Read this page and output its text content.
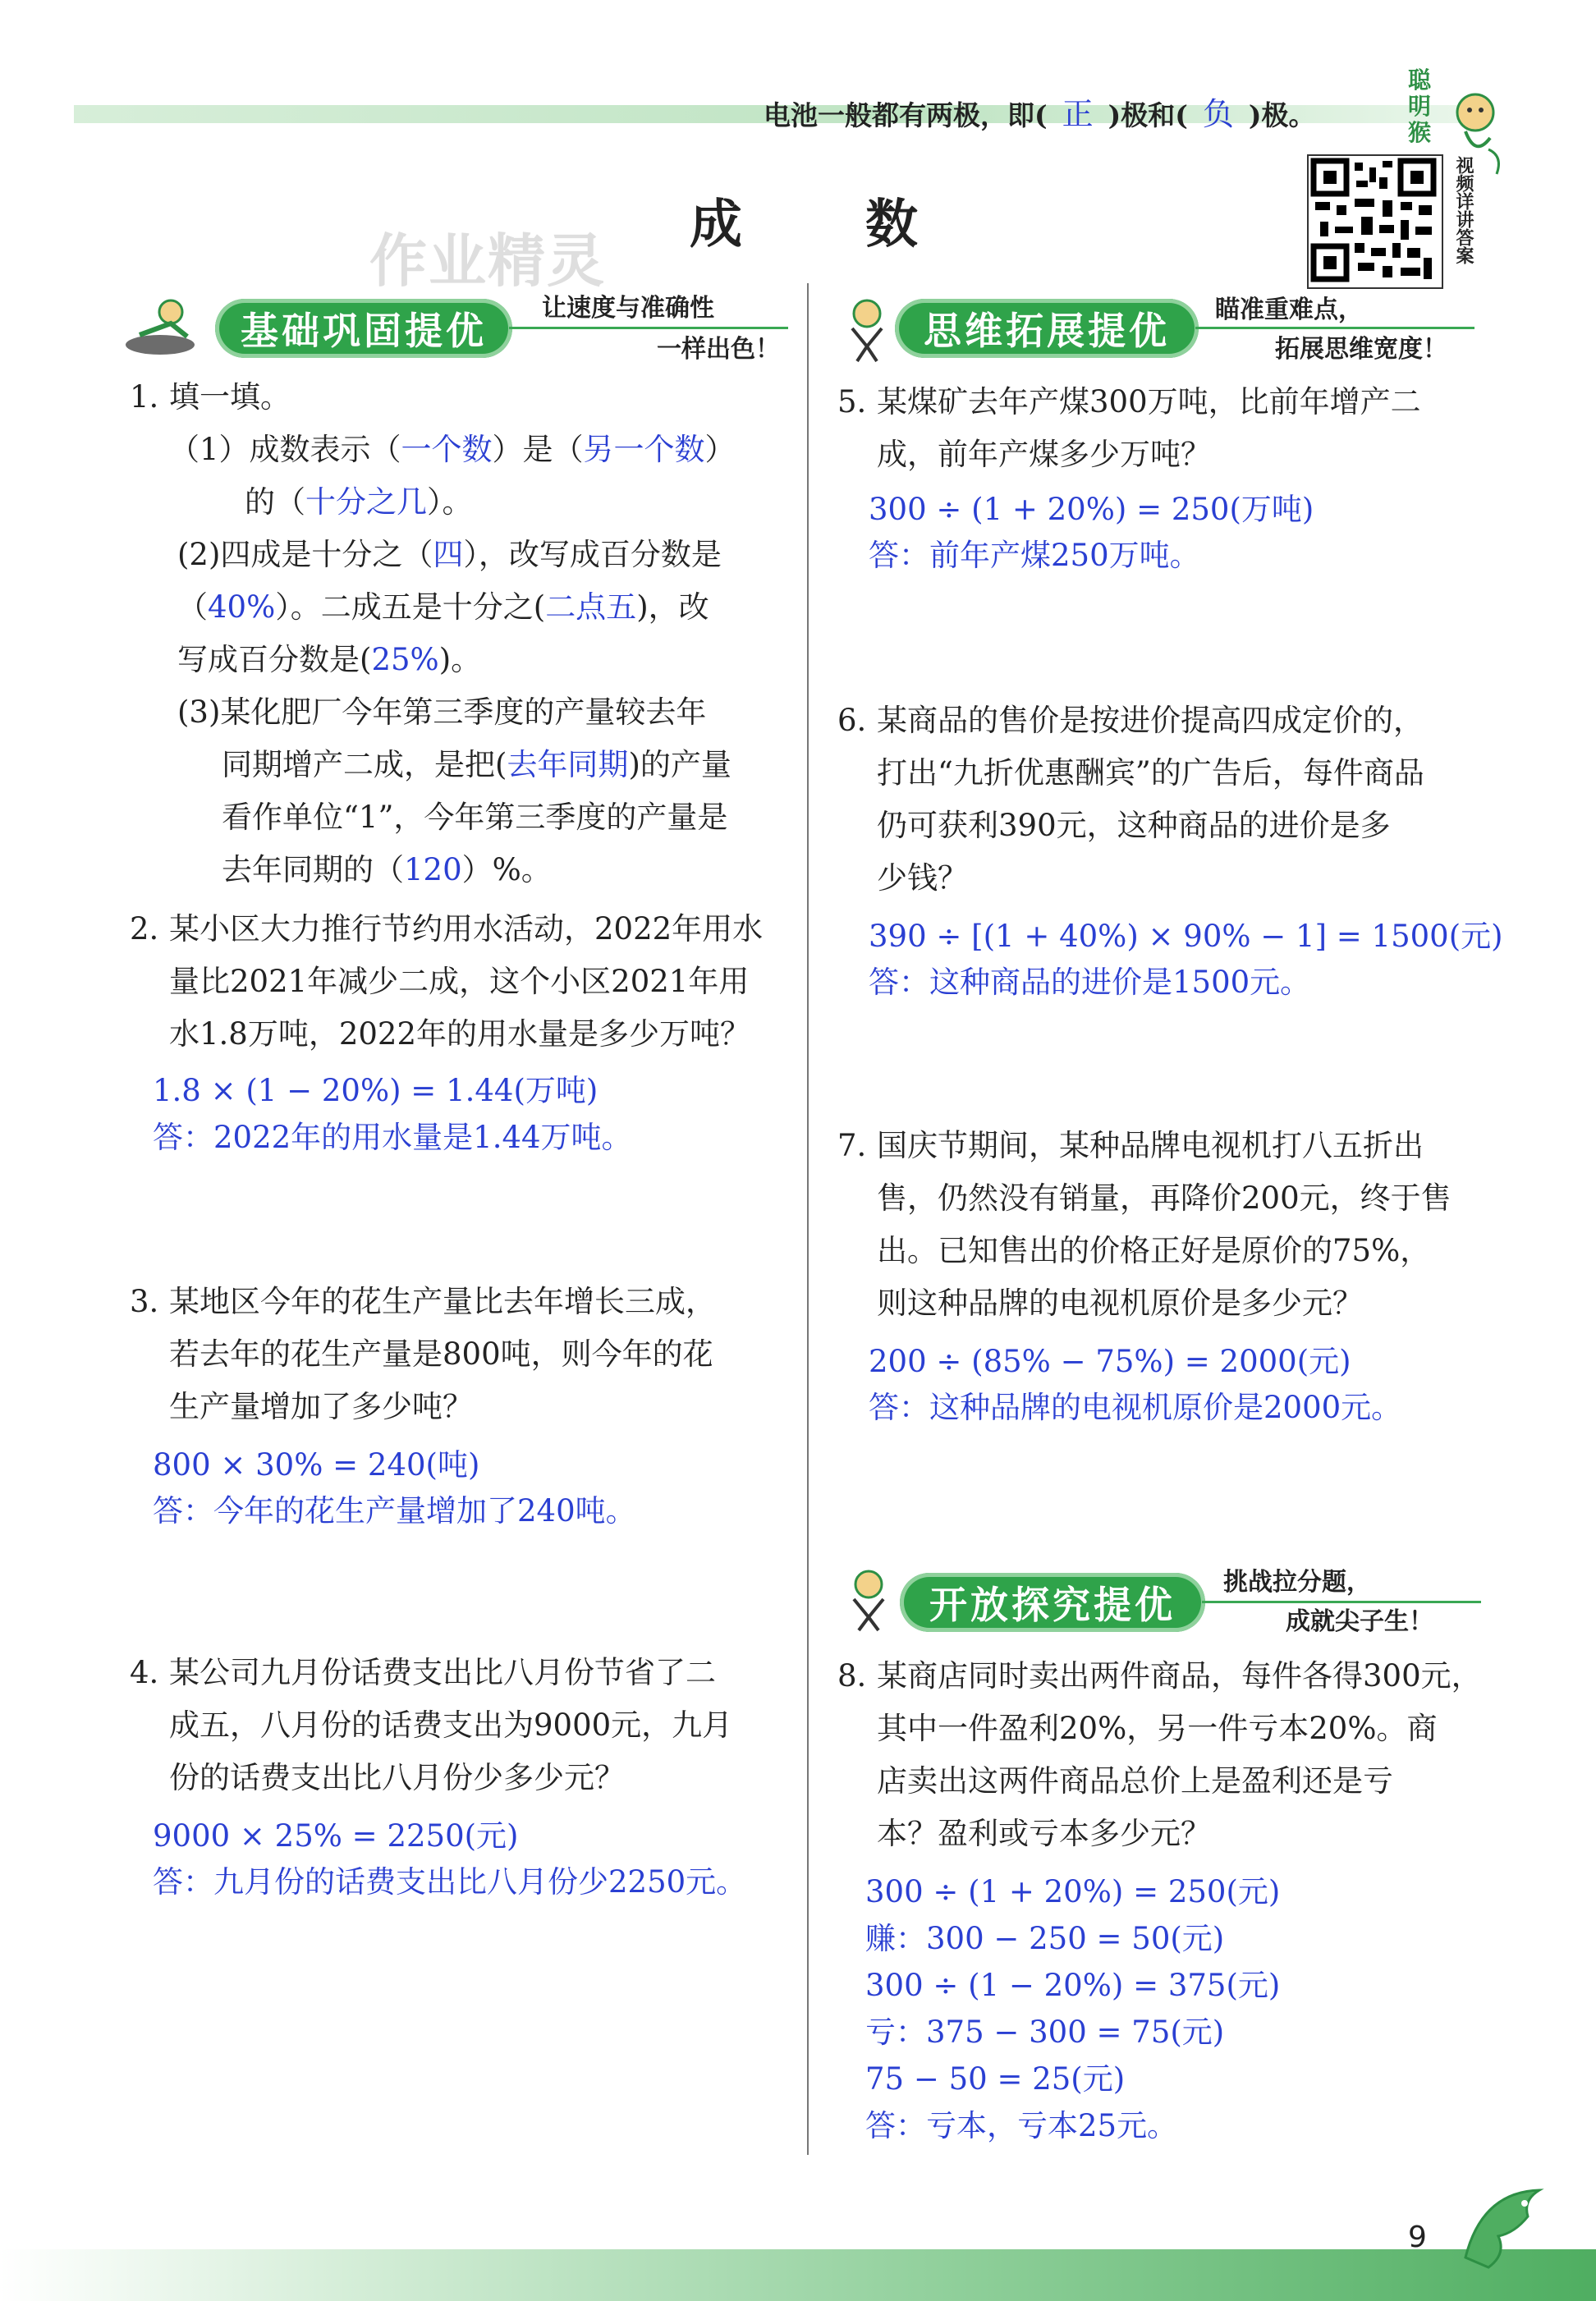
电池一般都有两极，即( 正 )极和( 负 )极。
聪明猴
作业精灵
成数	视频详讲答案
基础巩固提优
让速度与准确性
一样出色！	思维拓展提优	瞄准重难点，
拓展思维宽度！
1. 填一填。
（1）成数表示（一个数）是（另一个数）
的（十分之几）。
(2)四成是十分之（四），改写成百分数是
（40%）。二成五是十分之(二点五)，改
写成百分数是(25%)。
(3)某化肥厂今年第三季度的产量较去年
同期增产二成，是把(去年同期)的产量
看作单位“1”，今年第三季度的产量是
去年同期的（120）%。
2. 某小区大力推行节约用水活动，2022年用水
量比2021年减少二成，这个小区2021年用
水1.8万吨，2022年的用水量是多少万吨？
1.8 × (1 − 20%) = 1.44(万吨)
答：2022年的用水量是1.44万吨。
3. 某地区今年的花生产量比去年增长三成，
若去年的花生产量是800吨，则今年的花
生产量增加了多少吨？
800 × 30% = 240(吨)
答：今年的花生产量增加了240吨。
4. 某公司九月份话费支出比八月份节省了二
成五，八月份的话费支出为9000元，九月
份的话费支出比八月份少多少元？
9000 × 25% = 2250(元)
答：九月份的话费支出比八月份少2250元。
5. 某煤矿去年产煤300万吨，比前年增产二
成，前年产煤多少万吨？
300 ÷ (1 + 20%) = 250(万吨)
答：前年产煤250万吨。
6. 某商品的售价是按进价提高四成定价的，
打出“九折优惠酬宾”的广告后，每件商品
仍可获利390元，这种商品的进价是多
少钱？
390 ÷ [(1 + 40%) × 90% − 1] = 1500(元)
答：这种商品的进价是1500元。
7. 国庆节期间，某种品牌电视机打八五折出
售，仍然没有销量，再降价200元，终于售
出。已知售出的价格正好是原价的75%，
则这种品牌的电视机原价是多少元？
200 ÷ (85% − 75%) = 2000(元)
答：这种品牌的电视机原价是2000元。
开放探究提优
挑战拉分题，
成就尖子生！
8. 某商店同时卖出两件商品，每件各得300元，
其中一件盈利20%，另一件亏本20%。商
店卖出这两件商品总价上是盈利还是亏
本？盈利或亏本多少元？
300 ÷ (1 + 20%) = 250(元)
赚：300 − 250 = 50(元)
300 ÷ (1 − 20%) = 375(元)
亏：375 − 300 = 75(元)
75 − 50 = 25(元)
答：亏本，亏本25元。
9
